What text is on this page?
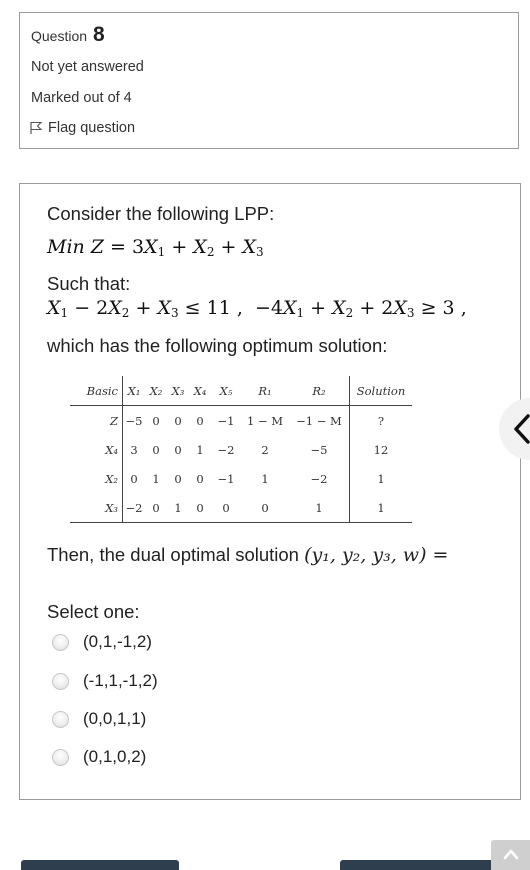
Question 8
Not yet answered
Marked out of 4
Flag question
Consider the following LPP:
Min $Z = 3X_1 + X_2 + X_3$
Such that:
$X_1 - 2X_2 + X_3 \le 11$ ,  $-4X_1 + X_2 + 2X_3 \ge 3$ ,
which has the following optimum solution:
Basic	X₁	X₂	X₃	X₄	X₅	R₁	R₂	Solution
Z	−5	0	0	0	−1	1 − M	−1 − M	?
X₄	3	0	0	1	−2	2	−5	12
X₂	0	1	0	0	−1	1	−2	1
X₃	−2	0	1	0	0	0	1	1
Then, the dual optimal solution (y₁, y₂, y₃, w) =
Select one:
(0,1,-1,2)
(-1,1,-1,2)
(0,0,1,1)
(0,1,0,2)
